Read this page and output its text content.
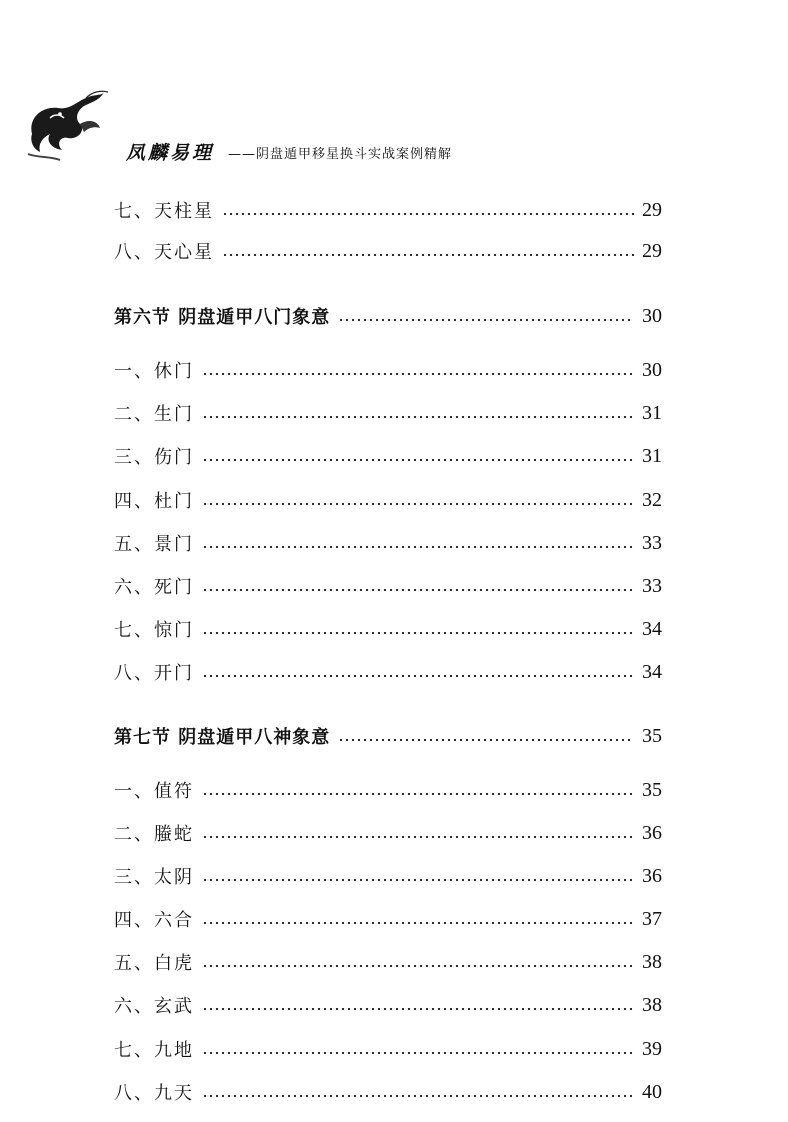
凤麟易理 ——阴盘遁甲移星换斗实战案例精解
七、天柱星	29
八、天心星	29
第六节 阴盘遁甲八门象意	30
一、休门	30
二、生门	31
三、伤门	31
四、杜门	32
五、景门	33
六、死门	33
七、惊门	34
八、开门	34
第七节 阴盘遁甲八神象意	35
一、值符	35
二、螣蛇	36
三、太阴	36
四、六合	37
五、白虎	38
六、玄武	38
七、九地	39
八、九天	40
